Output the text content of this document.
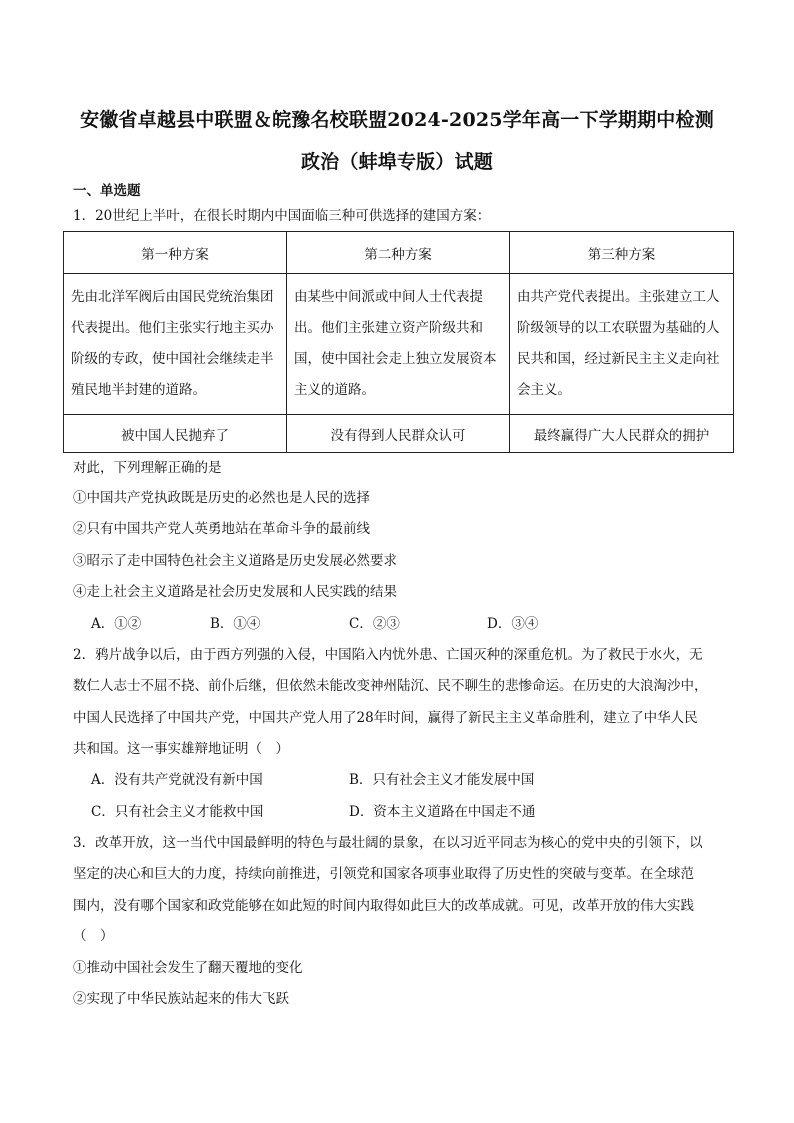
安徽省卓越县中联盟＆皖豫名校联盟2024-2025学年高一下学期期中检测
政治（蚌埠专版）试题
一、单选题
1．20世纪上半叶，在很长时期内中国面临三种可供选择的建国方案：
第一种方案	第二种方案	第三种方案
先由北洋军阀后由国民党统治集团代表提出。他们主张实行地主买办阶级的专政，使中国社会继续走半殖民地半封建的道路。	由某些中间派或中间人士代表提出。他们主张建立资产阶级共和国，使中国社会走上独立发展资本主义的道路。	由共产党代表提出。主张建立工人阶级领导的以工农联盟为基础的人民共和国，经过新民主主义走向社会主义。
被中国人民抛弃了	没有得到人民群众认可	最终赢得广大人民群众的拥护
对此，下列理解正确的是
①中国共产党执政既是历史的必然也是人民的选择
②只有中国共产党人英勇地站在革命斗争的最前线
③昭示了走中国特色社会主义道路是历史发展必然要求
④走上社会主义道路是社会历史发展和人民实践的结果
A．①②	B．①④	C．②③	D．③④
2．鸦片战争以后，由于西方列强的入侵，中国陷入内忧外患、亡国灭种的深重危机。为了救民于水火，无
数仁人志士不屈不挠、前仆后继，但依然未能改变神州陆沉、民不聊生的悲惨命运。在历史的大浪淘沙中，
中国人民选择了中国共产党，中国共产党人用了28年时间，赢得了新民主主义革命胜利，建立了中华人民
共和国。这一事实雄辩地证明（　）
A．没有共产党就没有新中国	B．只有社会主义才能发展中国
C．只有社会主义才能救中国	D．资本主义道路在中国走不通
3．改革开放，这一当代中国最鲜明的特色与最壮阔的景象，在以习近平同志为核心的党中央的引领下，以
坚定的决心和巨大的力度，持续向前推进，引领党和国家各项事业取得了历史性的突破与变革。在全球范
围内，没有哪个国家和政党能够在如此短的时间内取得如此巨大的改革成就。可见，改革开放的伟大实践
（　）
①推动中国社会发生了翻天覆地的变化
②实现了中华民族站起来的伟大飞跃
